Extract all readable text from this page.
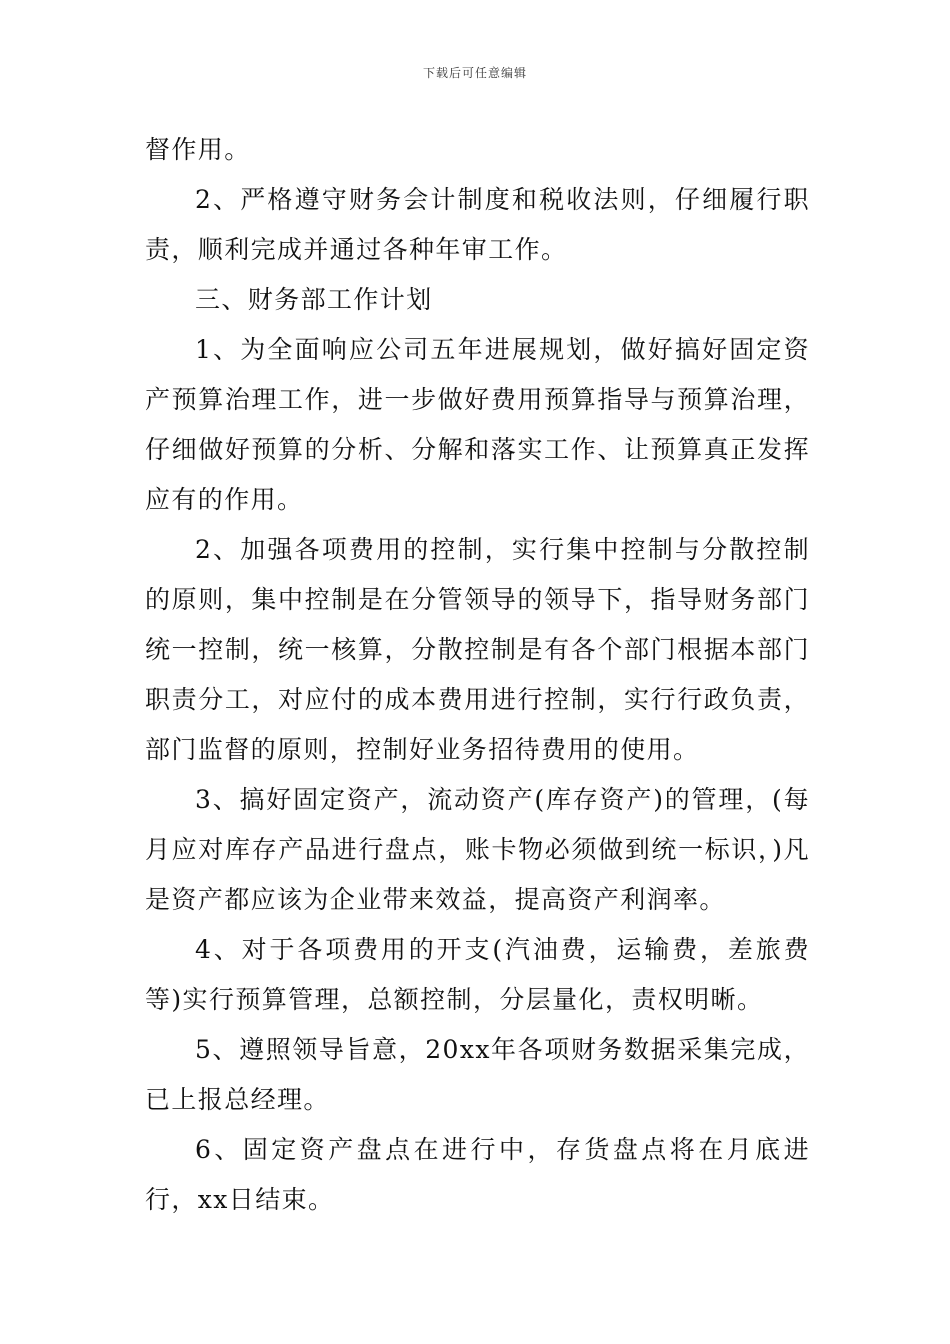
下载后可任意编辑

督作用。

2、严格遵守财务会计制度和税收法则，仔细履行职责，顺利完成并通过各种年审工作。

三、财务部工作计划

1、为全面响应公司五年进展规划，做好搞好固定资产预算治理工作，进一步做好费用预算指导与预算治理，仔细做好预算的分析、分解和落实工作、让预算真正发挥应有的作用。

2、加强各项费用的控制，实行集中控制与分散控制的原则，集中控制是在分管领导的领导下，指导财务部门统一控制，统一核算，分散控制是有各个部门根据本部门职责分工，对应付的成本费用进行控制，实行行政负责，部门监督的原则，控制好业务招待费用的使用。

3、搞好固定资产，流动资产(库存资产)的管理，(每月应对库存产品进行盘点，账卡物必须做到统一标识，)凡是资产都应该为企业带来效益，提高资产利润率。

4、对于各项费用的开支(汽油费，运输费，差旅费等)实行预算管理，总额控制，分层量化，责权明晰。

5、遵照领导旨意，20xx年各项财务数据采集完成，已上报总经理。

6、固定资产盘点在进行中，存货盘点将在月底进行，xx日结束。
